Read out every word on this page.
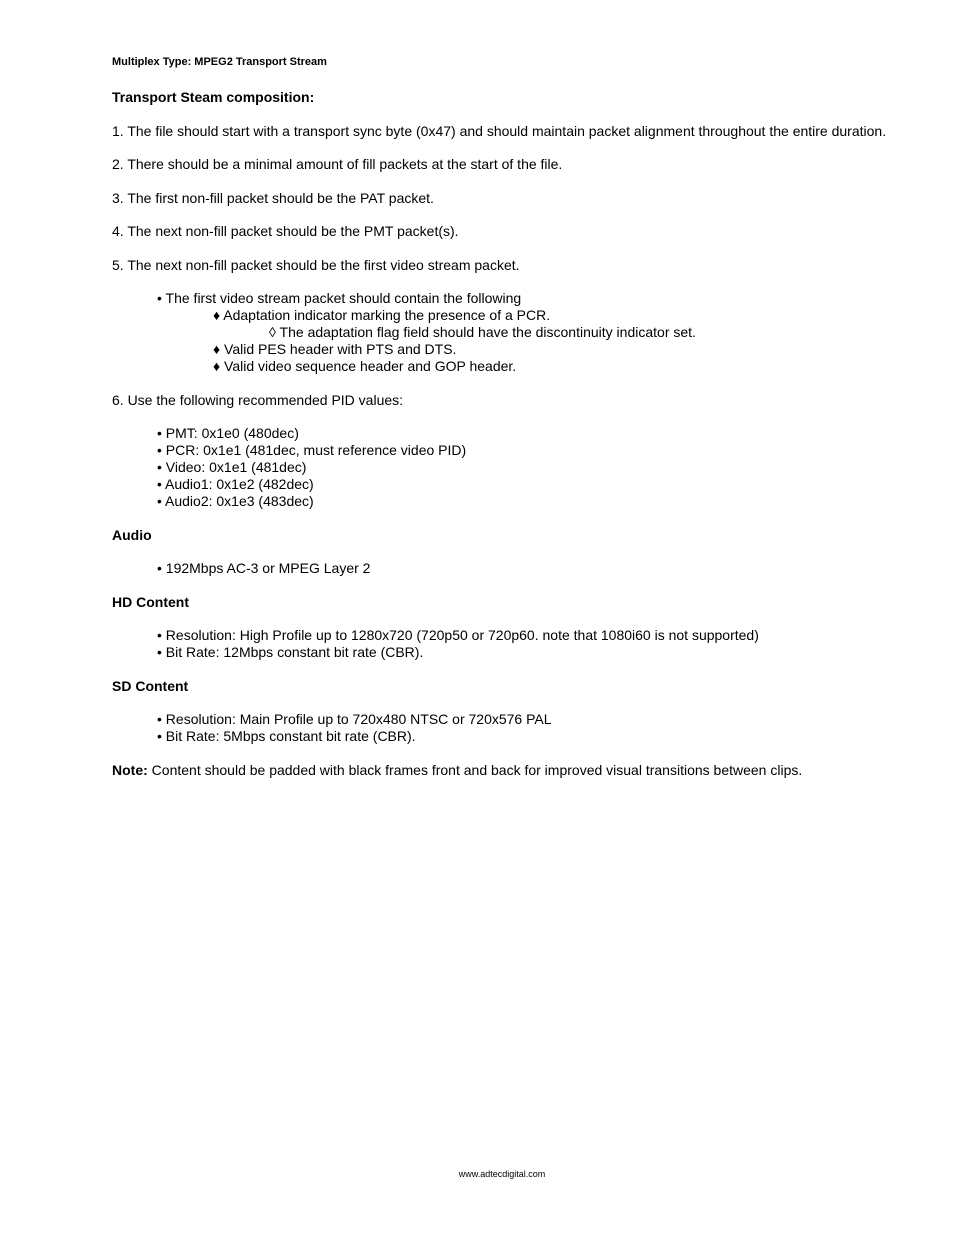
Multiplex Type: MPEG2 Transport Stream

Transport Steam composition:

1. The file should start with a transport sync byte (0x47) and should maintain packet alignment throughout the entire duration.

2. There should be a minimal amount of fill packets at the start of the file.

3. The first non-fill packet should be the PAT packet.

4. The next non-fill packet should be the PMT packet(s).

5. The next non-fill packet should be the first video stream packet.

• The first video stream packet should contain the following

♦ Adaptation indicator marking the presence of a PCR.

◊ The adaptation flag field should have the discontinuity indicator set.

♦ Valid PES header with PTS and DTS.

♦ Valid video sequence header and GOP header.

6. Use the following recommended PID values:

• PMT: 0x1e0 (480dec)

• PCR: 0x1e1 (481dec, must reference video PID)

• Video: 0x1e1 (481dec)

• Audio1: 0x1e2 (482dec)

• Audio2: 0x1e3 (483dec)

Audio

• 192Mbps AC-3 or MPEG Layer 2

HD Content

• Resolution: High Profile up to 1280x720 (720p50 or 720p60. note that 1080i60 is not supported)

• Bit Rate: 12Mbps constant bit rate (CBR).

SD Content

• Resolution: Main Profile up to 720x480 NTSC or 720x576 PAL

• Bit Rate: 5Mbps constant bit rate (CBR).

Note: Content should be padded with black frames front and back for improved visual transitions between clips.

www.adtecdigital.com
